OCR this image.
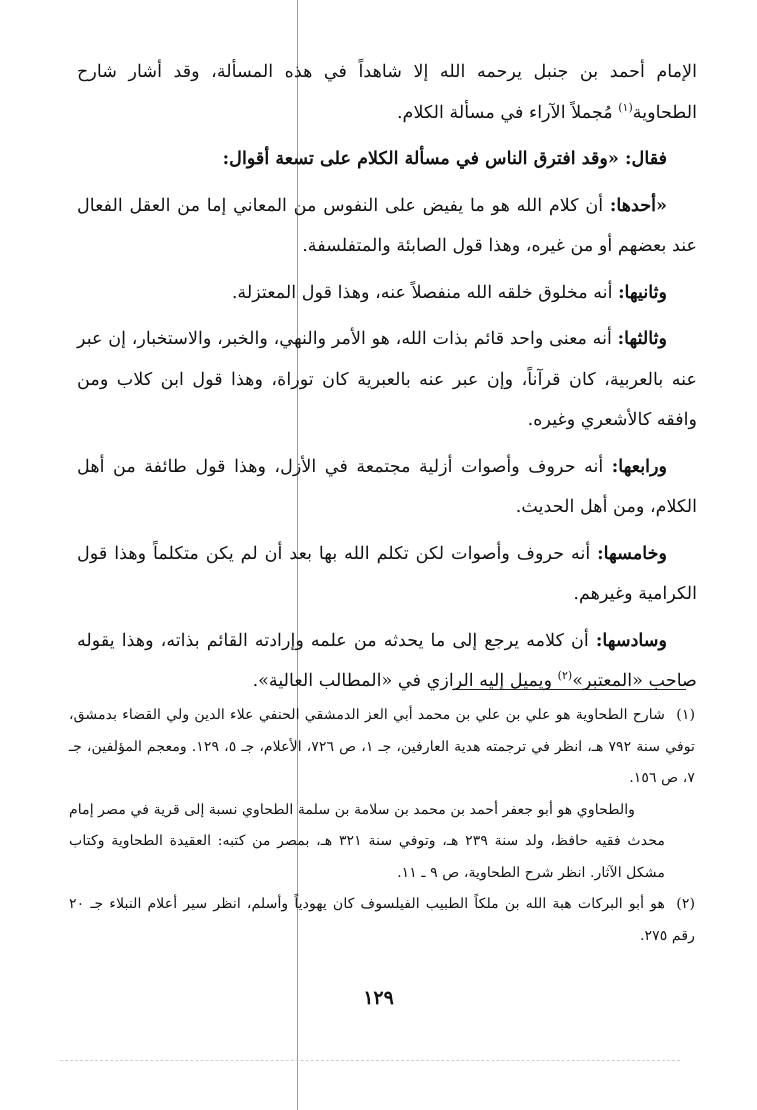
الإمام أحمد بن جنبل يرحمه الله إلا شاهداً في هذه المسألة، وقد أشار شارح الطحاوية$^{(١)}$ مُجملاً الآراء في مسألة الكلام.

فقال: «وقد افترق الناس في مسألة الكلام على تسعة أقوال:

«أحدها: أن كلام الله هو ما يفيض على النفوس من المعاني إما من العقل الفعال عند بعضهم أو من غيره، وهذا قول الصابئة والمتفلسفة.

وثانيها: أنه مخلوق خلقه الله منفصلاً عنه، وهذا قول المعتزلة.

وثالثها: أنه معنى واحد قائم بذات الله، هو الأمر والنهي، والخبر، والاستخبار، إن عبر عنه بالعربية، كان قرآناً، وإن عبر عنه بالعبرية كان توراة، وهذا قول ابن كلاب ومن وافقه كالأشعري وغيره.

ورابعها: أنه حروف وأصوات أزلية مجتمعة في الأزل، وهذا قول طائفة من أهل الكلام، ومن أهل الحديث.

وخامسها: أنه حروف وأصوات لكن تكلم الله بها بعد أن لم يكن متكلماً وهذا قول الكرامية وغيرهم.

وسادسها: أن كلامه يرجع إلى ما يحدثه من علمه وإرادته القائم بذاته، وهذا يقوله صاحب «المعتبر»$^{(٢)}$ ويميل إليه الرازي في «المطالب العالية».

(١)شارح الطحاوية هو علي بن علي بن محمد أبي العز الدمشقي الحنفي علاء الدين ولي القضاء بدمشق، توفي سنة ٧٩٢ هـ، انظر في ترجمته هدية العارفين، جـ ١، ص ٧٢٦، الأعلام، جـ ٥، ١٢٩. ومعجم المؤلفين، جـ ٧، ص ١٥٦.

والطحاوي هو أبو جعفر أحمد بن محمد بن سلامة بن سلمة الطحاوي نسبة إلى قرية في مصر إمام محدث فقيه حافظ، ولد سنة ٢٣٩ هـ، وتوفي سنة ٣٢١ هـ، بمصر من كتبه: العقيدة الطحاوية وكتاب مشكل الآثار. انظر شرح الطحاوية، ص ٩ ـ ١١.

(٢)هو أبو البركات هبة الله بن ملكاً الطبيب الفيلسوف كان يهودياً وأسلم، انظر سير أعلام النبلاء جـ ٢٠ رقم ٢٧٥.

١٢٩
